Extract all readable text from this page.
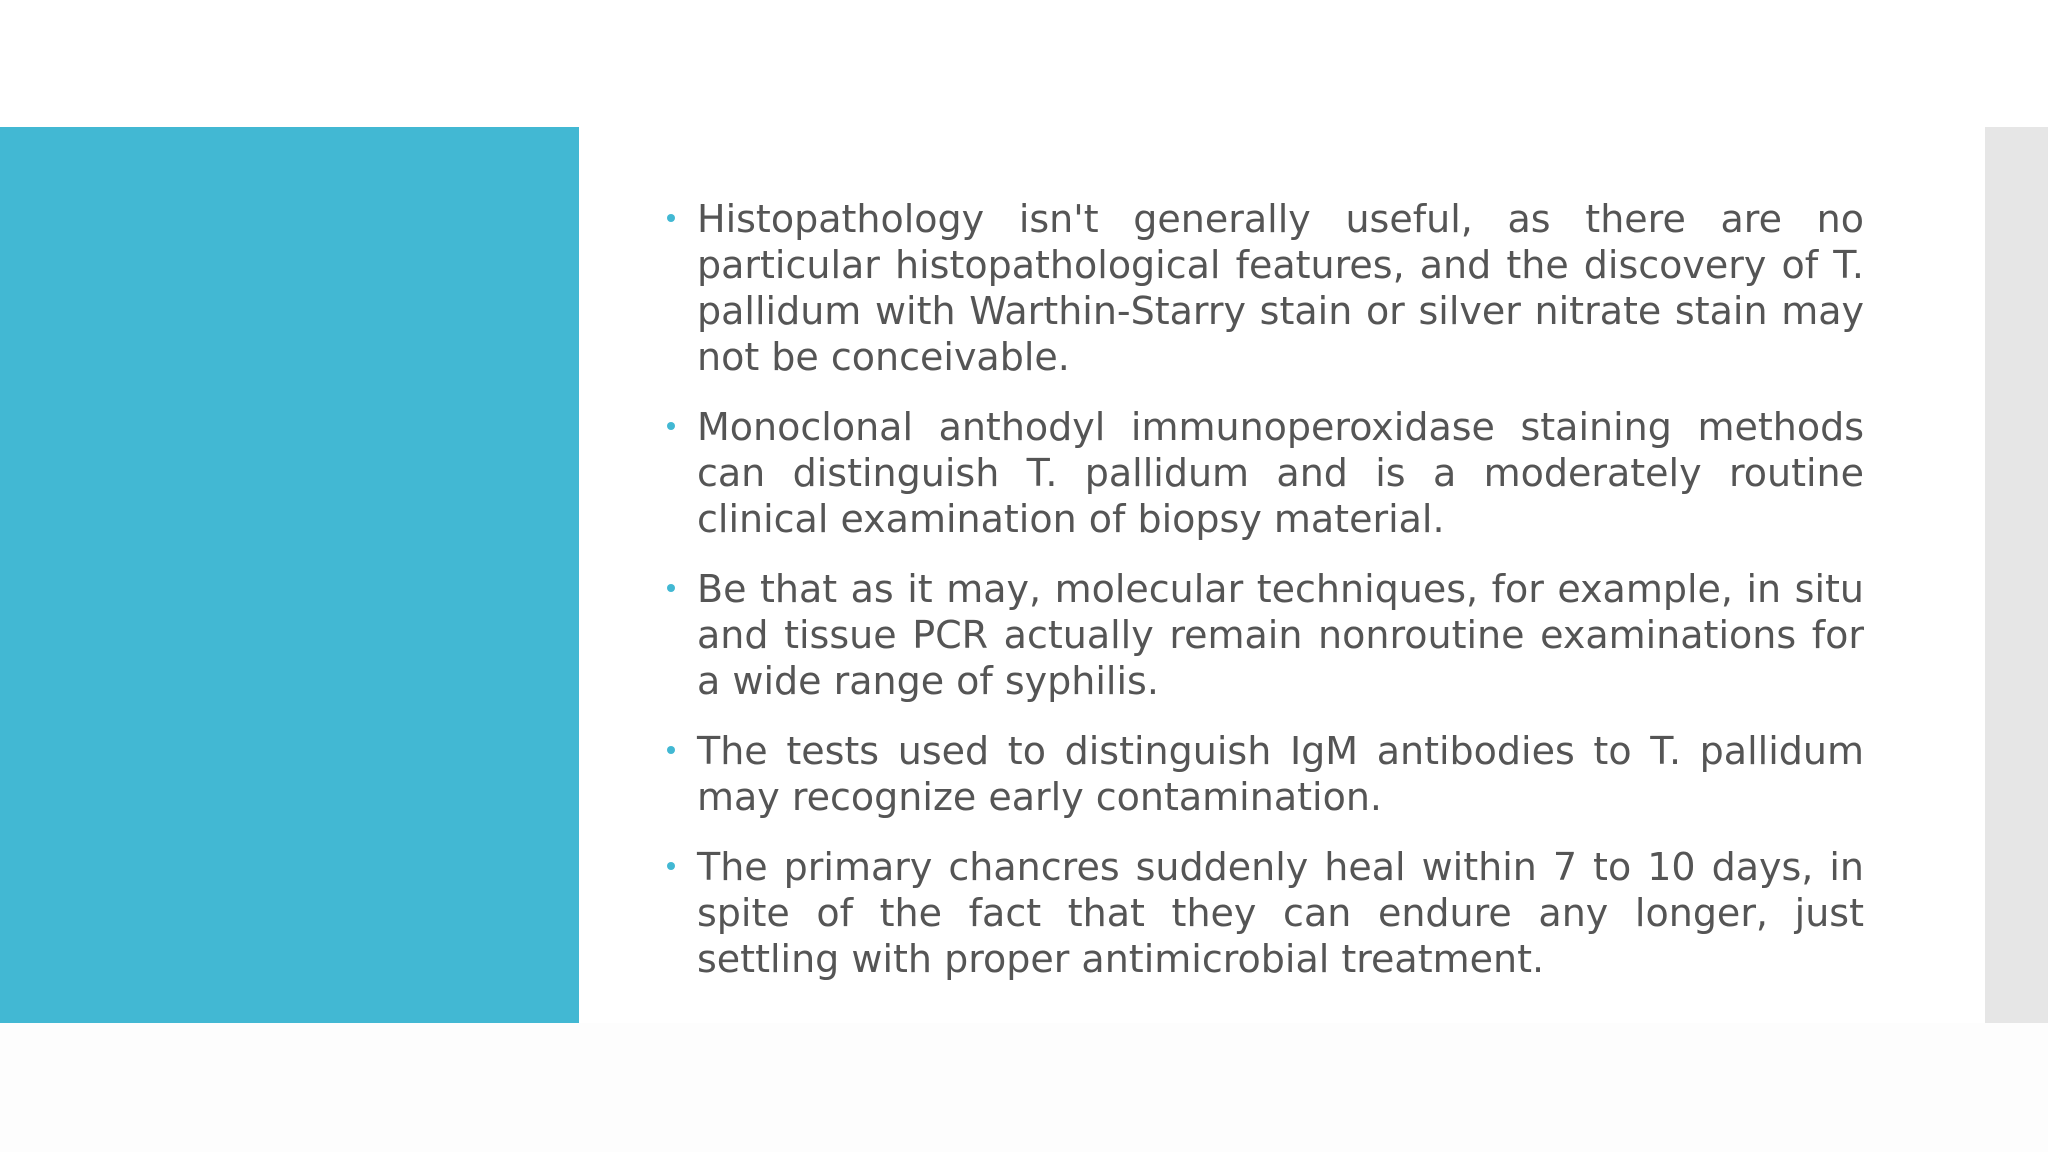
Histopathology isn't generally useful, as there are no particular histopathological features, and the discovery of T. pallidum with Warthin-Starry stain or silver nitrate stain may not be conceivable.
Monoclonal anthodyl immunoperoxidase staining methods can distinguish T. pallidum and is a moderately routine clinical examination of biopsy material.
Be that as it may, molecular techniques, for example, in situ and tissue PCR actually remain nonroutine examinations for a wide range of syphilis.
The tests used to distinguish IgM antibodies to T. pallidum may recognize early contamination.
The primary chancres suddenly heal within 7 to 10 days, in spite of the fact that they can endure any longer, just settling with proper antimicrobial treatment.
